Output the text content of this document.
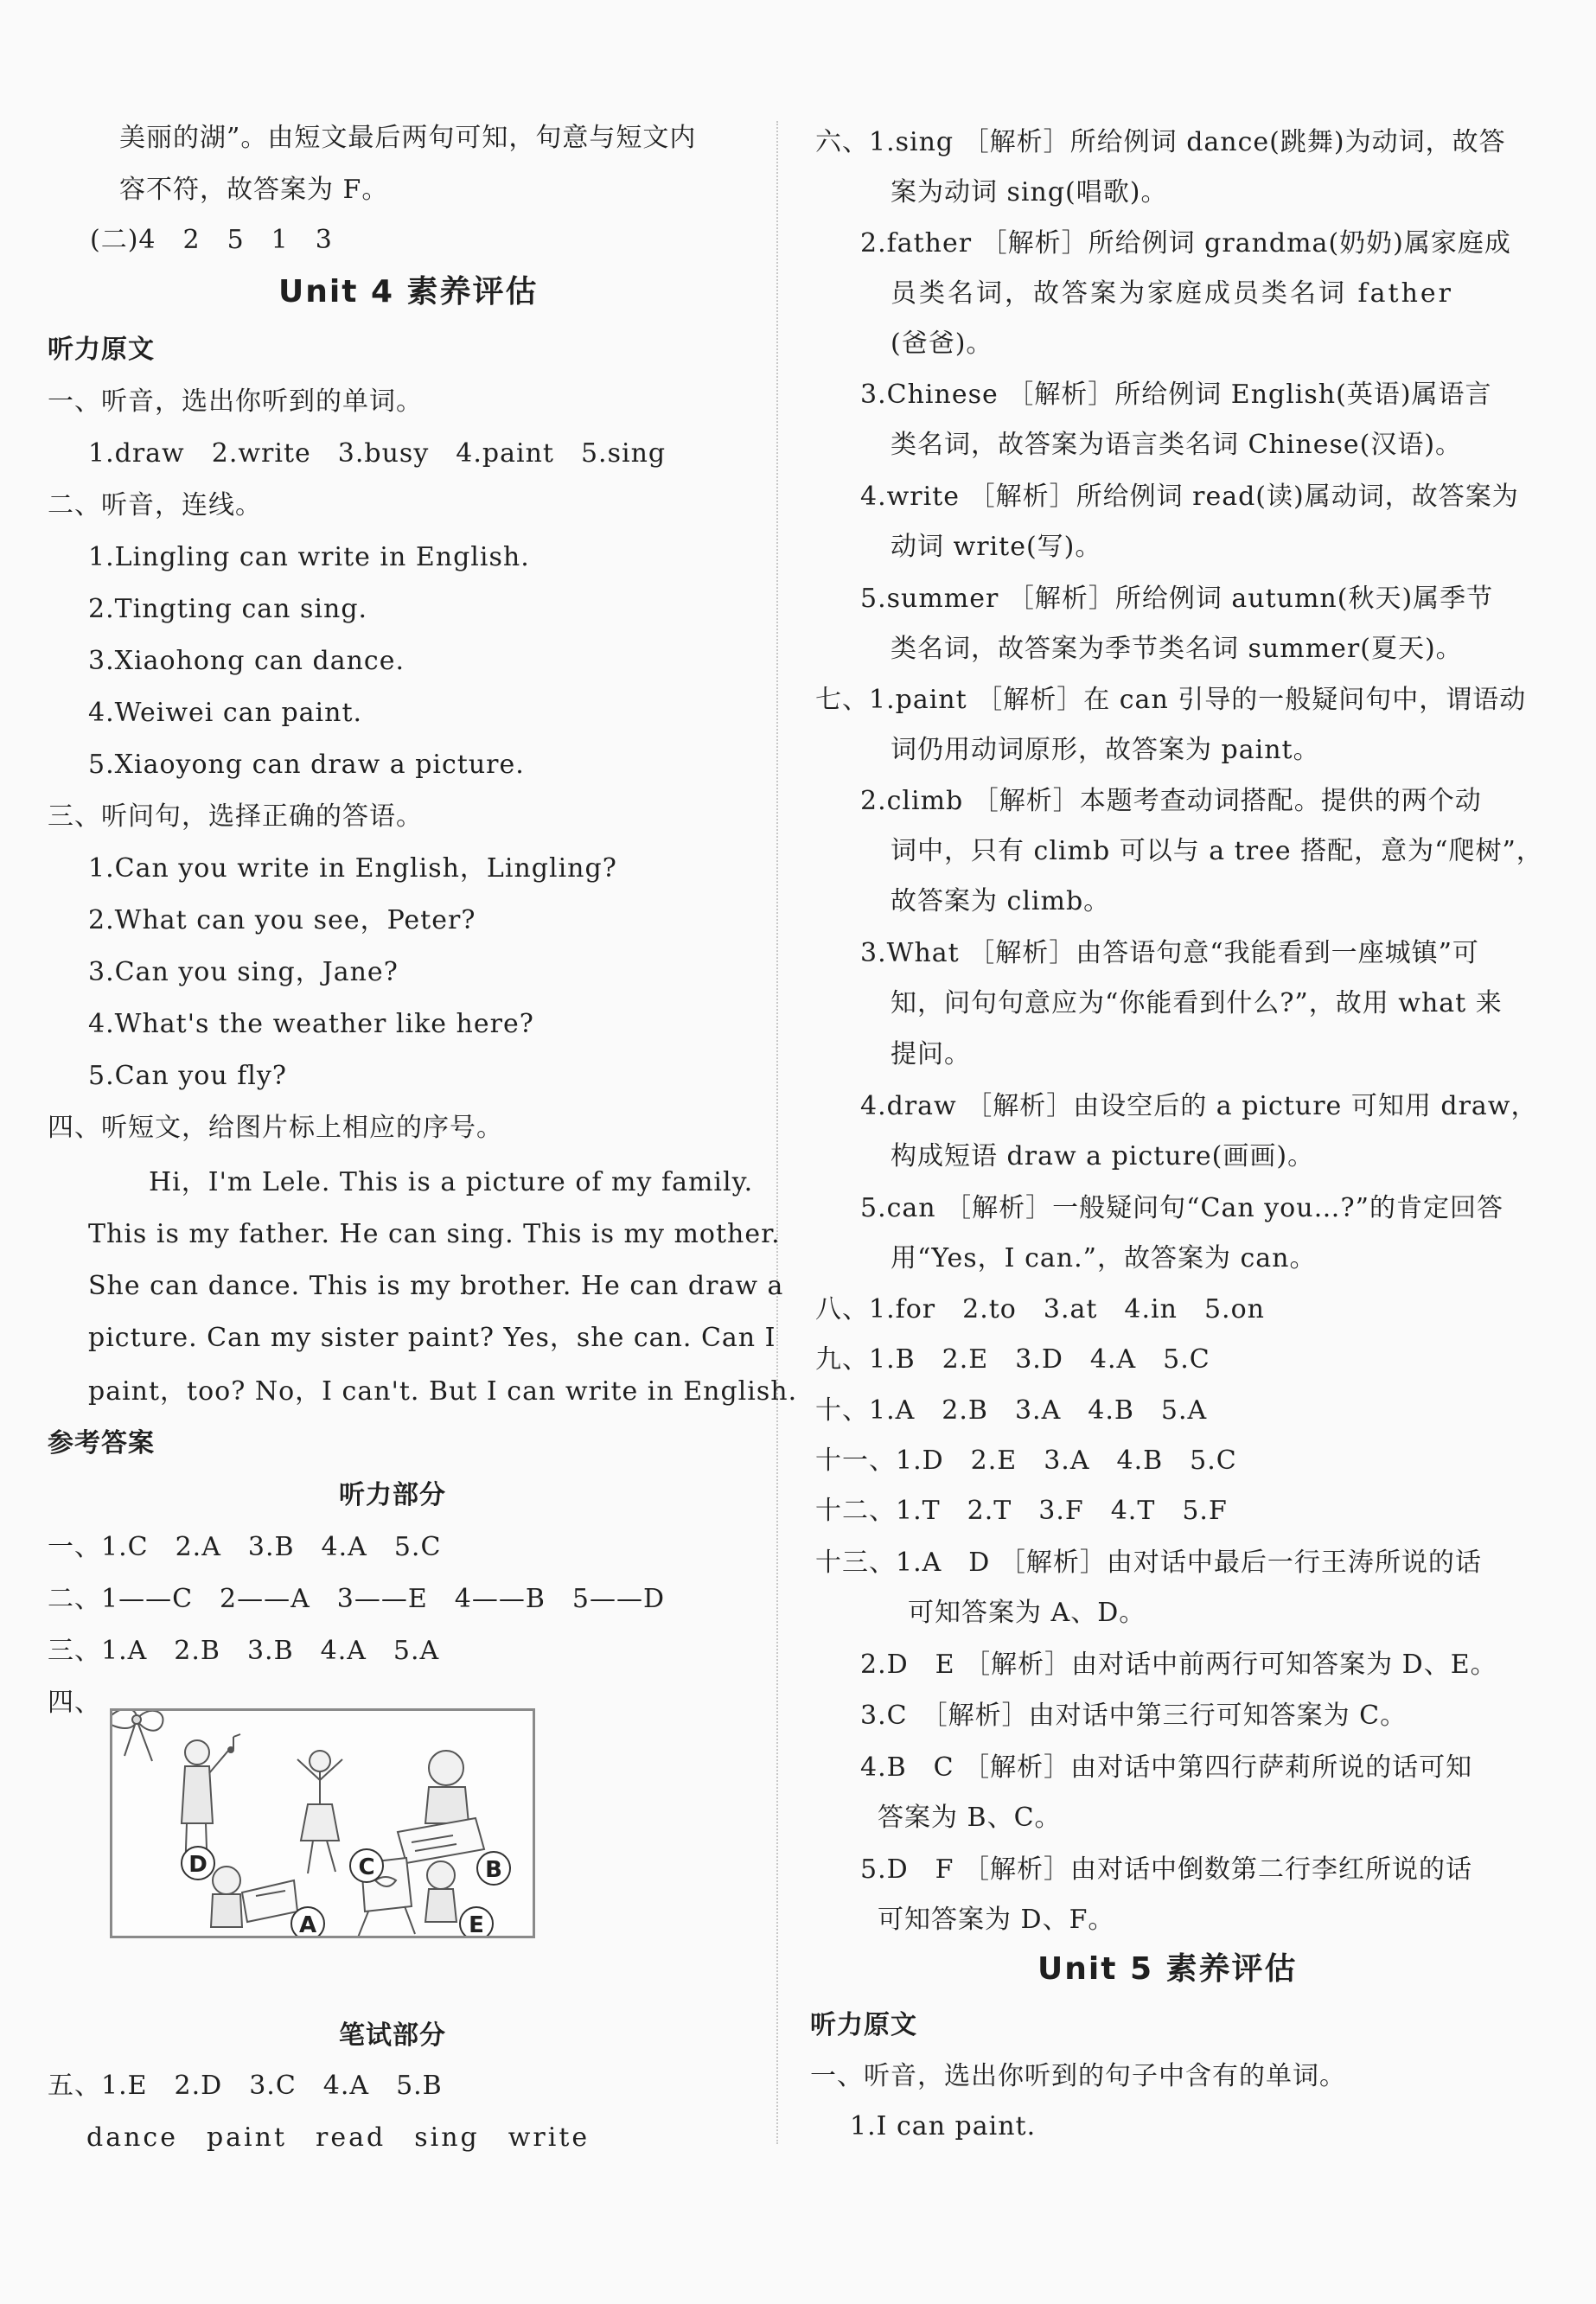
美丽的湖”。由短文最后两句可知，句意与短文内
容不符，故答案为 F。
(二)4　2　5　1　3
Unit 4 素养评估
听力原文
一、听音，选出你听到的单词。
1.draw　2.write　3.busy　4.paint　5.sing
二、听音，连线。
1.Lingling can write in English.
2.Tingting can sing.
3.Xiaohong can dance.
4.Weiwei can paint.
5.Xiaoyong can draw a picture.
三、听问句，选择正确的答语。
1.Can you write in English，Lingling?
2.What can you see，Peter?
3.Can you sing，Jane?
4.What's the weather like here?
5.Can you fly?
四、听短文，给图片标上相应的序号。
Hi，I'm Lele. This is a picture of my family.
This is my father. He can sing. This is my mother.
She can dance. This is my brother. He can draw a
picture. Can my sister paint? Yes，she can. Can I
paint，too? No，I can't. But I can write in English.
参考答案
听力部分
一、1.C　2.A　3.B　4.A　5.C
二、1——C　2——A　3——E　4——B　5——D
三、1.A　2.B　3.B　4.A　5.A
四、
D	C	B
A	E
笔试部分
五、1.E　2.D　3.C　4.A　5.B
dance　paint　read　sing　write
六、1.sing ［解析］所给例词 dance(跳舞)为动词，故答
案为动词 sing(唱歌)。
2.father ［解析］所给例词 grandma(奶奶)属家庭成
员类名词，故答案为家庭成员类名词 father
(爸爸)。
3.Chinese ［解析］所给例词 English(英语)属语言
类名词，故答案为语言类名词 Chinese(汉语)。
4.write ［解析］所给例词 read(读)属动词，故答案为
动词 write(写)。
5.summer ［解析］所给例词 autumn(秋天)属季节
类名词，故答案为季节类名词 summer(夏天)。
七、1.paint ［解析］在 can 引导的一般疑问句中，谓语动
词仍用动词原形，故答案为 paint。
2.climb ［解析］本题考查动词搭配。提供的两个动
词中，只有 climb 可以与 a tree 搭配，意为“爬树”，
故答案为 climb。
3.What ［解析］由答语句意“我能看到一座城镇”可
知，问句句意应为“你能看到什么?”，故用 what 来
提问。
4.draw ［解析］由设空后的 a picture 可知用 draw，
构成短语 draw a picture(画画)。
5.can ［解析］一般疑问句“Can you…?”的肯定回答
用“Yes，I can.”，故答案为 can。
八、1.for　2.to　3.at　4.in　5.on
九、1.B　2.E　3.D　4.A　5.C
十、1.A　2.B　3.A　4.B　5.A
十一、1.D　2.E　3.A　4.B　5.C
十二、1.T　2.T　3.F　4.T　5.F
十三、1.A　D ［解析］由对话中最后一行王涛所说的话
可知答案为 A、D。
2.D　E ［解析］由对话中前两行可知答案为 D、E。
3.C　［解析］由对话中第三行可知答案为 C。
4.B　C ［解析］由对话中第四行萨莉所说的话可知
答案为 B、C。
5.D　F ［解析］由对话中倒数第二行李红所说的话
可知答案为 D、F。
Unit 5 素养评估
听力原文
一、听音，选出你听到的句子中含有的单词。
1.I can paint.
